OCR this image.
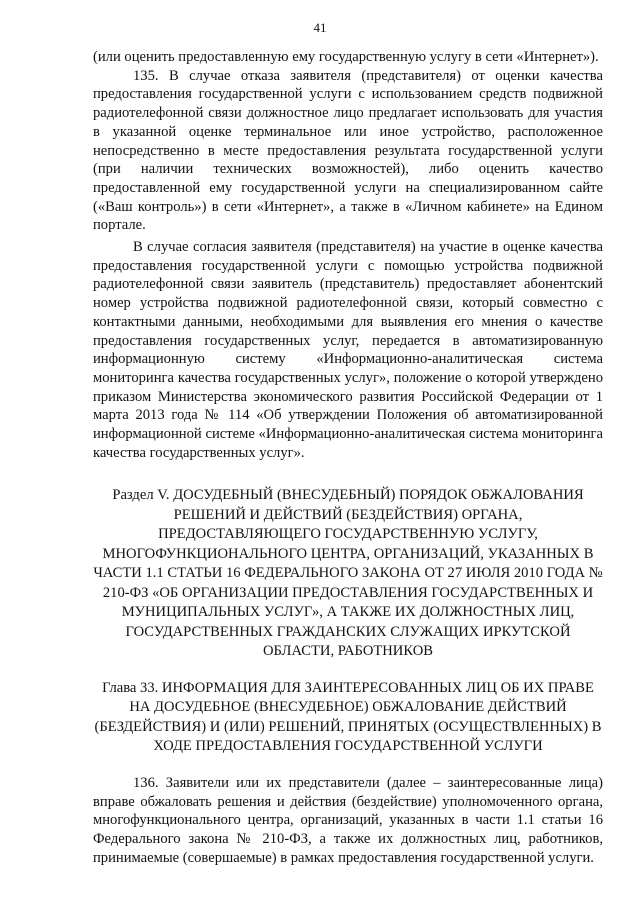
41

(или оценить предоставленную ему государственную услугу в сети «Интернет»).

135. В случае отказа заявителя (представителя) от оценки качества предоставления государственной услуги с использованием средств подвижной радиотелефонной связи должностное лицо предлагает использовать для участия в указанной оценке терминальное или иное устройство, расположенное непосредственно в месте предоставления результата государственной услуги (при наличии технических возможностей), либо оценить качество предоставленной ему государственной услуги на специализированном сайте («Ваш контроль») в сети «Интернет», а также в «Личном кабинете» на Едином портале.

В случае согласия заявителя (представителя) на участие в оценке качества предоставления государственной услуги с помощью устройства подвижной радиотелефонной связи заявитель (представитель) предоставляет абонентский номер устройства подвижной радиотелефонной связи, который совместно с контактными данными, необходимыми для выявления его мнения о качестве предоставления государственных услуг, передается в автоматизированную информационную систему «Информационно-аналитическая система мониторинга качества государственных услуг», положение о которой утверждено приказом Министерства экономического развития Российской Федерации от 1 марта 2013 года № 114 «Об утверждении Положения об автоматизированной информационной системе «Информационно-аналитическая система мониторинга качества государственных услуг».

Раздел V. ДОСУДЕБНЫЙ (ВНЕСУДЕБНЫЙ) ПОРЯДОК ОБЖАЛОВАНИЯ РЕШЕНИЙ И ДЕЙСТВИЙ (БЕЗДЕЙСТВИЯ) ОРГАНА, ПРЕДОСТАВЛЯЮЩЕГО ГОСУДАРСТВЕННУЮ УСЛУГУ, МНОГОФУНКЦИОНАЛЬНОГО ЦЕНТРА, ОРГАНИЗАЦИЙ, УКАЗАННЫХ В ЧАСТИ 1.1 СТАТЬИ 16 ФЕДЕРАЛЬНОГО ЗАКОНА ОТ 27 ИЮЛЯ 2010 ГОДА № 210-ФЗ «ОБ ОРГАНИЗАЦИИ ПРЕДОСТАВЛЕНИЯ ГОСУДАРСТВЕННЫХ И МУНИЦИПАЛЬНЫХ УСЛУГ», А ТАКЖЕ ИХ ДОЛЖНОСТНЫХ ЛИЦ, ГОСУДАРСТВЕННЫХ ГРАЖДАНСКИХ СЛУЖАЩИХ ИРКУТСКОЙ ОБЛАСТИ, РАБОТНИКОВ
Глава 33. ИНФОРМАЦИЯ ДЛЯ ЗАИНТЕРЕСОВАННЫХ ЛИЦ ОБ ИХ ПРАВЕ НА ДОСУДЕБНОЕ (ВНЕСУДЕБНОЕ) ОБЖАЛОВАНИЕ ДЕЙСТВИЙ (БЕЗДЕЙСТВИЯ) И (ИЛИ) РЕШЕНИЙ, ПРИНЯТЫХ (ОСУЩЕСТВЛЕННЫХ) В ХОДЕ ПРЕДОСТАВЛЕНИЯ ГОСУДАРСТВЕННОЙ УСЛУГИ

136. Заявители или их представители (далее – заинтересованные лица) вправе обжаловать решения и действия (бездействие) уполномоченного органа, многофункционального центра, организаций, указанных в части 1.1 статьи 16 Федерального закона № 210-ФЗ, а также их должностных лиц, работников, принимаемые (совершаемые) в рамках предоставления государственной услуги.
